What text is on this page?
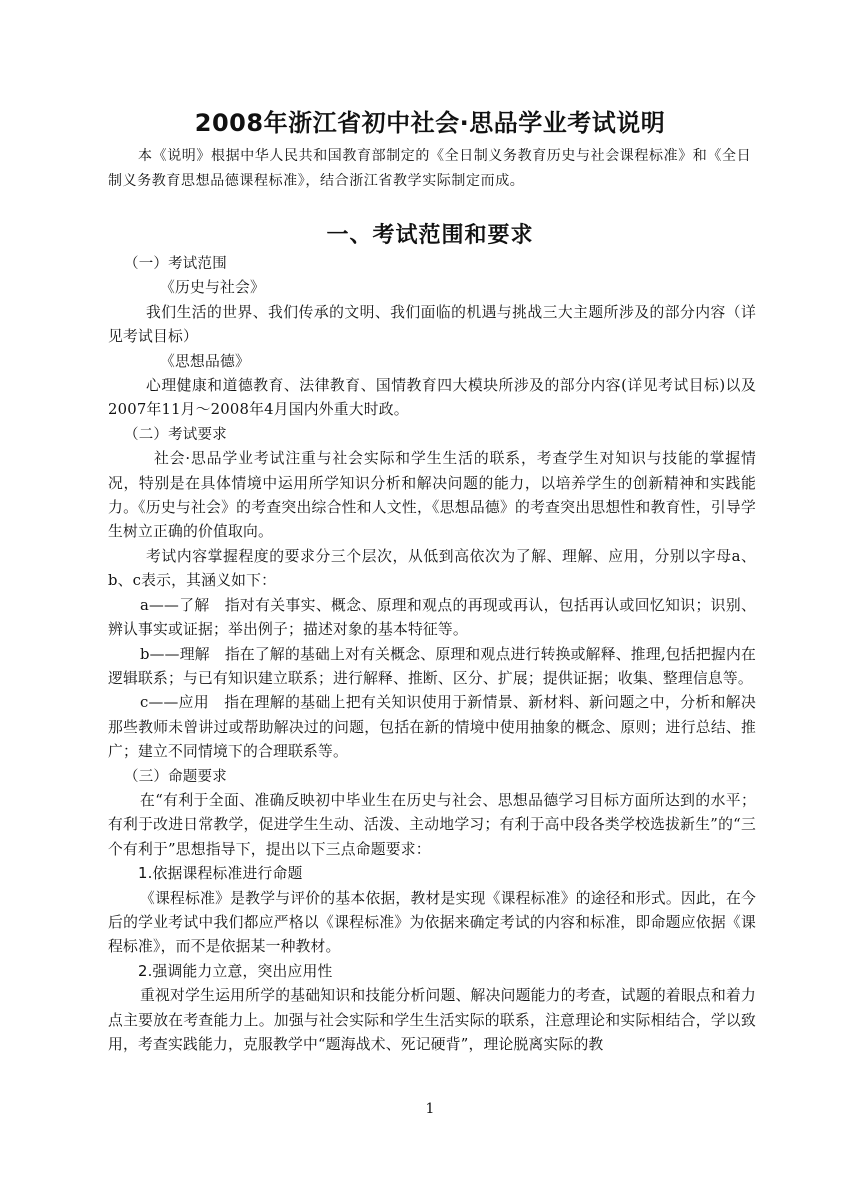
2008年浙江省初中社会·思品学业考试说明

本《说明》根据中华人民共和国教育部制定的《全日制义务教育历史与社会课程标准》和《全日制义务教育思想品德课程标准》，结合浙江省教学实际制定而成。

一、考试范围和要求

（一）考试范围

《历史与社会》

我们生活的世界、我们传承的文明、我们面临的机遇与挑战三大主题所涉及的部分内容（详见考试目标）

《思想品德》

心理健康和道德教育、法律教育、国情教育四大模块所涉及的部分内容(详见考试目标)以及2007年11月～2008年4月国内外重大时政。

（二）考试要求

社会·思品学业考试注重与社会实际和学生生活的联系，考查学生对知识与技能的掌握情况，特别是在具体情境中运用所学知识分析和解决问题的能力，以培养学生的创新精神和实践能力。《历史与社会》的考查突出综合性和人文性，《思想品德》的考查突出思想性和教育性，引导学生树立正确的价值取向。

考试内容掌握程度的要求分三个层次，从低到高依次为了解、理解、应用，分别以字母a、b、c表示，其涵义如下：

a——了解　指对有关事实、概念、原理和观点的再现或再认，包括再认或回忆知识；识别、辨认事实或证据；举出例子；描述对象的基本特征等。

b——理解　指在了解的基础上对有关概念、原理和观点进行转换或解释、推理,包括把握内在逻辑联系；与已有知识建立联系；进行解释、推断、区分、扩展；提供证据；收集、整理信息等。

c——应用　指在理解的基础上把有关知识使用于新情景、新材料、新问题之中，分析和解决那些教师未曾讲过或帮助解决过的问题，包括在新的情境中使用抽象的概念、原则；进行总结、推广；建立不同情境下的合理联系等。

（三）命题要求

在“有利于全面、准确反映初中毕业生在历史与社会、思想品德学习目标方面所达到的水平；有利于改进日常教学，促进学生生动、活泼、主动地学习；有利于高中段各类学校选拔新生”的“三个有利于”思想指导下，提出以下三点命题要求：

1.依据课程标准进行命题

《课程标准》是教学与评价的基本依据，教材是实现《课程标准》的途径和形式。因此，在今后的学业考试中我们都应严格以《课程标准》为依据来确定考试的内容和标准，即命题应依据《课程标准》，而不是依据某一种教材。

2.强调能力立意，突出应用性

重视对学生运用所学的基础知识和技能分析问题、解决问题能力的考查，试题的着眼点和着力点主要放在考查能力上。加强与社会实际和学生生活实际的联系，注意理论和实际相结合，学以致用，考查实践能力，克服教学中“题海战术、死记硬背”，理论脱离实际的教

1
